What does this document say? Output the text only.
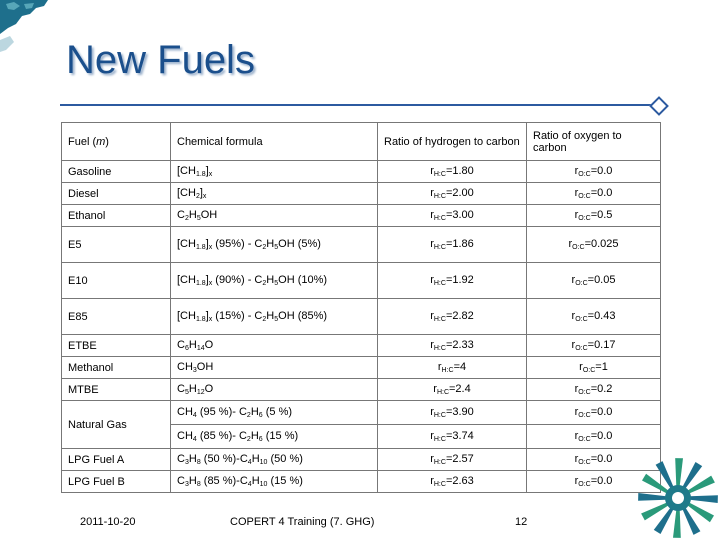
New Fuels
Fuel (m)	Chemical formula	Ratio of hydrogen to carbon	Ratio of oxygen to carbon
Gasoline	$[CH_{1.8}]_x$	$r_{H:C}=1.80$	$r_{O:C}=0.0$
Diesel	$[CH_2]_x$	$r_{H:C}=2.00$	$r_{O:C}=0.0$
Ethanol	$C_2H_5OH$	$r_{H:C}=3.00$	$r_{O:C}=0.5$
E5	$[CH_{1.8}]_x$ $(95\%) - C_2H_5OH$ (5%)	$r_{H:C}=1.86$	$r_{O:C}=0.025$
E10	$[CH_{1.8}]_x$ $(90\%) - C_2H_5OH$ (10%)	$r_{H:C}=1.92$	$r_{O:C}=0.05$
E85	$[CH_{1.8}]_x$ $(15\%) - C_2H_5OH$ (85%)	$r_{H:C}=2.82$	$r_{O:C}=0.43$
ETBE	$C_6H_{14}O$	$r_{H:C}=2.33$	$r_{O:C}=0.17$
Methanol	$CH_3OH$	$r_{H:C}=4$	$r_{O:C}=1$
MTBE	$C_5H_{12}O$	$r_{H:C}=2.4$	$r_{O:C}=0.2$
Natural Gas	$CH_4$ (95 %)- $C_2H_6$ (5 %)	$r_{H:C}=3.90$	$r_{O:C}=0.0$
	$CH_4$ (85 %)- $C_2H_6$ (15 %)	$r_{H:C}=3.74$	$r_{O:C}=0.0$
LPG Fuel A	$C_3H_8$ (50 $\%)-C_4H_{10}$ (50 %)	$r_{H:C}=2.57$	$r_{O:C}=0.0$
LPG Fuel B	$C_3H_8$ (85 $\%)-C_4H_{10}$ (15 %)	$r_{H:C}=2.63$	$r_{O:C}=0.0$
2011-10-20	COPERT 4 Training (7. GHG)	12
